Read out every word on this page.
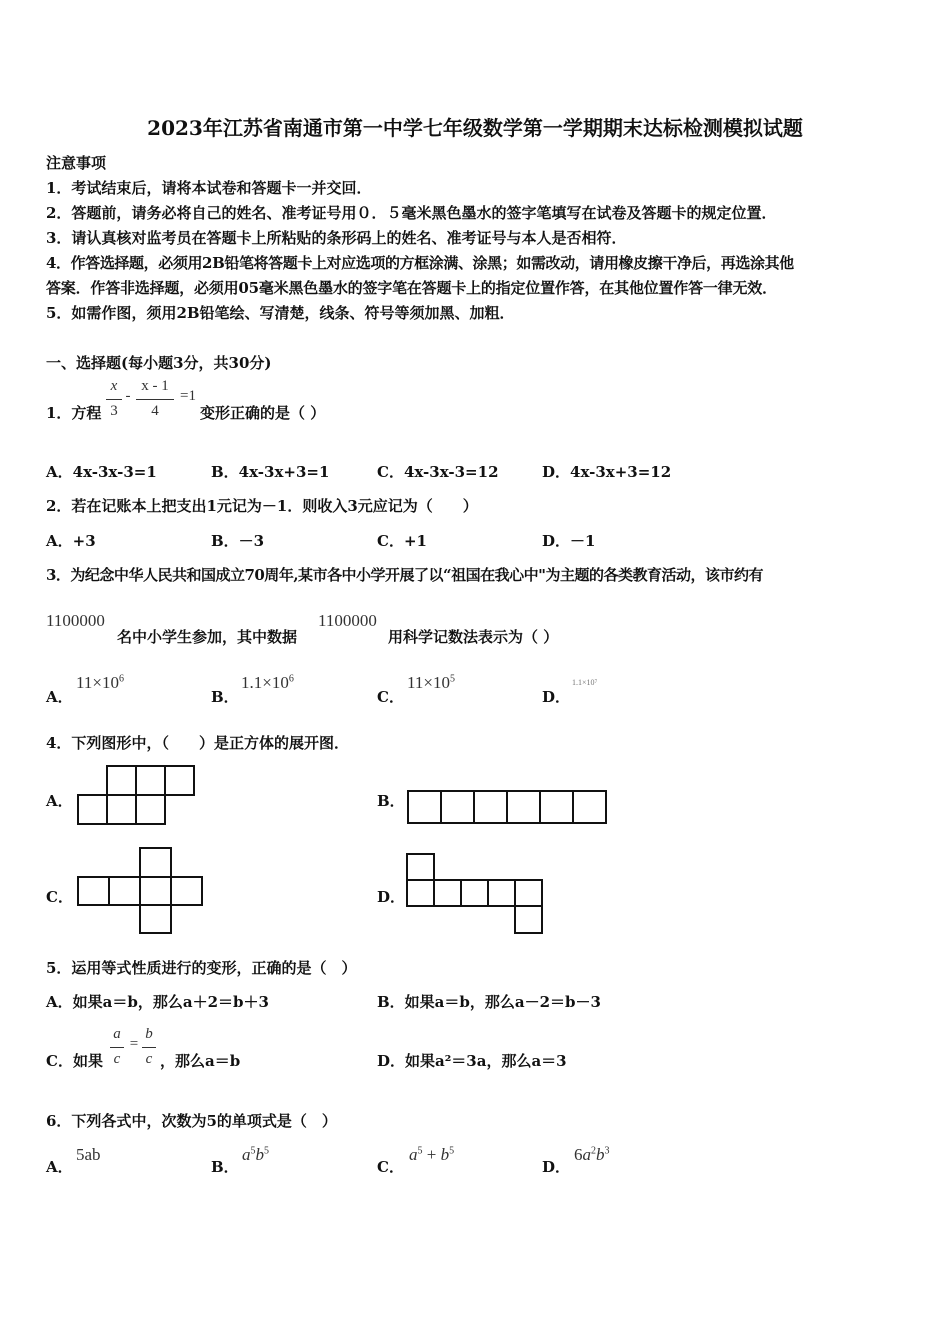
2023年江苏省南通市第一中学七年级数学第一学期期末达标检测模拟试题
注意事项
1．考试结束后，请将本试卷和答题卡一并交回．
2．答题前，请务必将自己的姓名、准考证号用０．５毫米黑色墨水的签字笔填写在试卷及答题卡的规定位置．
3．请认真核对监考员在答题卡上所粘贴的条形码上的姓名、准考证号与本人是否相符．
4．作答选择题，必须用2B铅笔将答题卡上对应选项的方框涂满、涂黑；如需改动，请用橡皮擦干净后，再选涂其他
答案．作答非选择题，必须用05毫米黑色墨水的签字笔在答题卡上的指定位置作答，在其他位置作答一律无效．
5．如需作图，须用2B铅笔绘、写清楚，线条、符号等须加黑、加粗．
一、选择题(每小题3分，共30分)
1．方程
x
3
-
x - 1
4
=1
变形正确的是（ ）
A．4x-3x-3=1	B．4x-3x+3=1	C．4x-3x-3=12	D．4x-3x+3=12
2．若在记账本上把支出1元记为－1．则收入3元应记为（　　）
A．+3	B．－3	C．+1	D．－1
3．为纪念中华人民共和国成立70周年,某市各中小学开展了以“祖国在我心中"为主题的各类教育活动，该市约有
1100000
名中小学生参加，其中数据
1100000
用科学记数法表示为（ ）
A．
$11\times 10^6$
B．
$1.1\times 10^6$
C．
$11\times 10^5$
D．
1.1×10⁷
4．下列图形中，（　　）是正方体的展开图．
A．	B．
C．	D．
5．运用等式性质进行的变形，正确的是（　）
A．如果a＝b，那么a＋2＝b＋3	B．如果a＝b，那么a－2＝b－3
C．如果
a
c
=
b
c ，那么a＝b	D．如果a²＝3a，那么a＝3
6．下列各式中，次数为5的单项式是（　）
A．
5ab
B．
$a^5b^5$
C．
$a^5 + b^5$
D．
$6a^2b^3$
